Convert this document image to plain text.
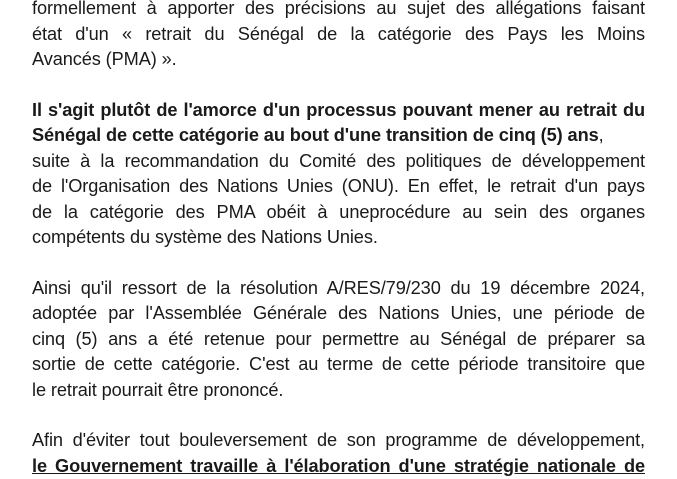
formellement à apporter des précisions au sujet des allégations faisant
état d'un « retrait du Sénégal de la catégorie des Pays les Moins
Avancés (PMA) ».

Il s'agit plutôt de l'amorce d'un processus pouvant mener au retrait du
Sénégal de cette catégorie au bout d'une transition de cinq (5) ans,
suite à la recommandation du Comité des politiques de développement
de l'Organisation des Nations Unies (ONU). En effet, le retrait d'un pays
de la catégorie des PMA obéit à uneprocédure au sein des organes
compétents du système des Nations Unies.

Ainsi qu'il ressort de la résolution A/RES/79/230 du 19 décembre 2024,
adoptée par l'Assemblée Générale des Nations Unies, une période de
cinq (5) ans a été retenue pour permettre au Sénégal de préparer sa
sortie de cette catégorie. C'est au terme de cette période transitoire que
le retrait pourrait être prononcé.

Afin d'éviter tout bouleversement de son programme de développement,
le Gouvernement travaille à l'élaboration d'une stratégie nationale de
